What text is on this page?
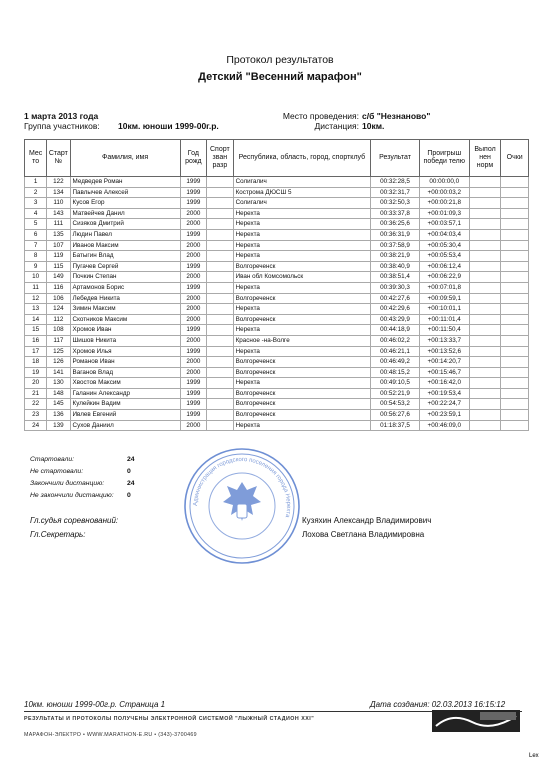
Протокол результатов
Детский "Весенний марафон"
1 марта 2013 года
Группа участников: 10км. юноши 1999-00г.р.
Место проведения: с/б "Незнаново"
Дистанция: 10км.
Мес то	Старт №	Фамилия, имя	Год рожд	Спорт зван разр	Республика, область, город, спортклуб	Результат	Проигрыш победи телю	Выпол нен норм	Очки
1	122	Медведев Роман	1999		Солигалич	00:32:28,5	00:00:00,0		
2	134	Павлычев Алексей	1999		Кострома ДЮСШ 5	00:32:31,7	+00:00:03,2		
3	110	Кусов Егор	1999		Солигалич	00:32:50,3	+00:00:21,8		
4	143	Матвейчев Данил	2000		Нерехта	00:33:37,8	+00:01:09,3		
5	111	Сизяков Дмитрий	2000		Нерехта	00:36:25,6	+00:03:57,1		
6	135	Людин Павел	1999		Нерехта	00:36:31,9	+00:04:03,4		
7	107	Иванов Максим	2000		Нерехта	00:37:58,9	+00:05:30,4		
8	119	Батыгин Влад	2000		Нерехта	00:38:21,9	+00:05:53,4		
9	115	Пугачев Сергей	1999		Волгореченск	00:38:40,9	+00:06:12,4		
10	149	Почкин Степан	2000		Иван обл Комсомольск	00:38:51,4	+00:06:22,9		
11	116	Артамонов Борис	1999		Нерехта	00:39:30,3	+00:07:01,8		
12	106	Лебедев Никита	2000		Волгореченск	00:42:27,6	+00:09:59,1		
13	124	Зимин Максим	2000		Нерехта	00:42:29,6	+00:10:01,1		
14	112	Скотников Максим	2000		Волгореченск	00:43:29,9	+00:11:01,4		
15	108	Хромов Иван	1999		Нерехта	00:44:18,9	+00:11:50,4		
16	117	Шишов Никита	2000		Красное -на-Волге	00:46:02,2	+00:13:33,7		
17	125	Хромов Илья	1999		Нерехта	00:46:21,1	+00:13:52,6		
18	126	Романов Иван	2000		Волгореченск	00:46:49,2	+00:14:20,7		
19	141	Ваганов Влад	2000		Волгореченск	00:48:15,2	+00:15:46,7		
20	130	Хвостов Максим	1999		Нерехта	00:49:10,5	+00:16:42,0		
21	148	Галанин Александр	1999		Волгореченск	00:52:21,9	+00:19:53,4		
22	145	Кулейкин Вадим	1999		Волгореченск	00:54:53,2	+00:22:24,7		
23	136	Ивлев Евгений	1999		Волгореченск	00:56:27,6	+00:23:59,1		
24	139	Сухов Даниил	2000		Нерехта	01:18:37,5	+00:46:09,0		
Стартовали:	24
Не стартовали:	0
Закончили дистанцию:	24
Не закончили дистанцию: 0
Гл.судья соревнований:
Гл.Секретарь:
Кузяхин Александр Владимирович
Лохова Светлана Владимировна
Администрация городского поселения города Нерехта
10км. юноши 1999-00г.р. Страница 1	Дата создания: 02.03.2013 16:15:12
РЕЗУЛЬТАТЫ И ПРОТОКОЛЫ ПОЛУЧЕНЫ ЭЛЕКТРОННОЙ СИСТЕМОЙ "ЛЫЖНЫЙ СТАДИОН XXI"
МАРАФОН-ЭЛЕКТРО • WWW.MARATHON-E.RU • (343)-3700469
Lex
